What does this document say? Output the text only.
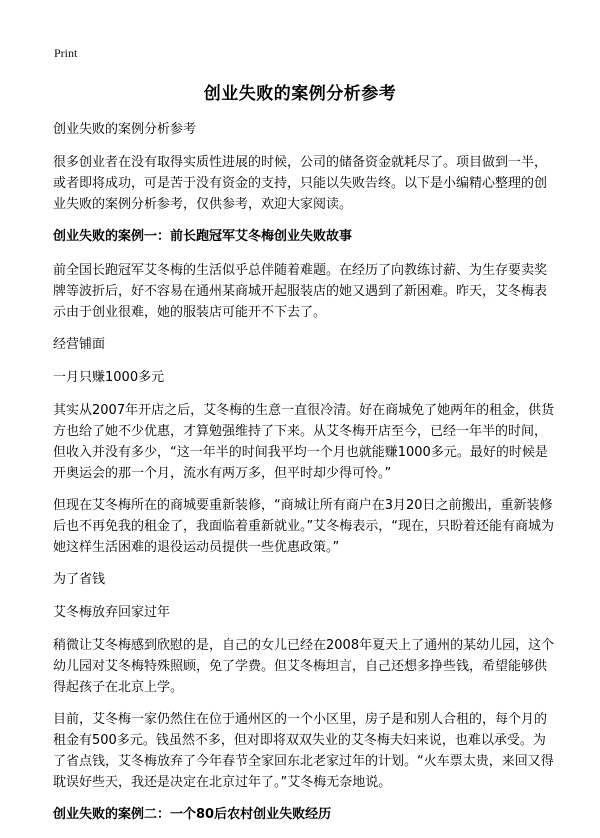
Print
创业失败的案例分析参考

创业失败的案例分析参考

很多创业者在没有取得实质性进展的时候，公司的储备资金就耗尽了。项目做到一半，或者即将成功，可是苦于没有资金的支持，只能以失败告终。以下是小编精心整理的创业失败的案例分析参考，仅供参考，欢迎大家阅读。

创业失败的案例一：前长跑冠军艾冬梅创业失败故事

前全国长跑冠军艾冬梅的生活似乎总伴随着难题。在经历了向教练讨薪、为生存要卖奖牌等波折后，好不容易在通州某商城开起服装店的她又遇到了新困难。昨天，艾冬梅表示由于创业很难，她的服装店可能开不下去了。

经营铺面

一月只赚1000多元

其实从2007年开店之后，艾冬梅的生意一直很冷清。好在商城免了她两年的租金，供货方也给了她不少优惠，才算勉强维持了下来。从艾冬梅开店至今，已经一年半的时间，但收入并没有多少，“这一年半的时间我平均一个月也就能赚1000多元。最好的时候是开奥运会的那一个月，流水有两万多，但平时却少得可怜。”

但现在艾冬梅所在的商城要重新装修，“商城让所有商户在3月20日之前搬出，重新装修后也不再免我的租金了，我面临着重新就业。”艾冬梅表示，“现在，只盼着还能有商城为她这样生活困难的退役运动员提供一些优惠政策。”

为了省钱

艾冬梅放弃回家过年

稍微让艾冬梅感到欣慰的是，自己的女儿已经在2008年夏天上了通州的某幼儿园，这个幼儿园对艾冬梅特殊照顾，免了学费。但艾冬梅坦言，自己还想多挣些钱，希望能够供得起孩子在北京上学。

目前，艾冬梅一家仍然住在位于通州区的一个小区里，房子是和别人合租的，每个月的租金有500多元。钱虽然不多，但对即将双双失业的艾冬梅夫妇来说，也难以承受。为了省点钱，艾冬梅放弃了今年春节全家回东北老家过年的计划。“火车票太贵，来回又得耽误好些天，我还是决定在北京过年了。”艾冬梅无奈地说。

创业失败的案例二：一个80后农村创业失败经历
